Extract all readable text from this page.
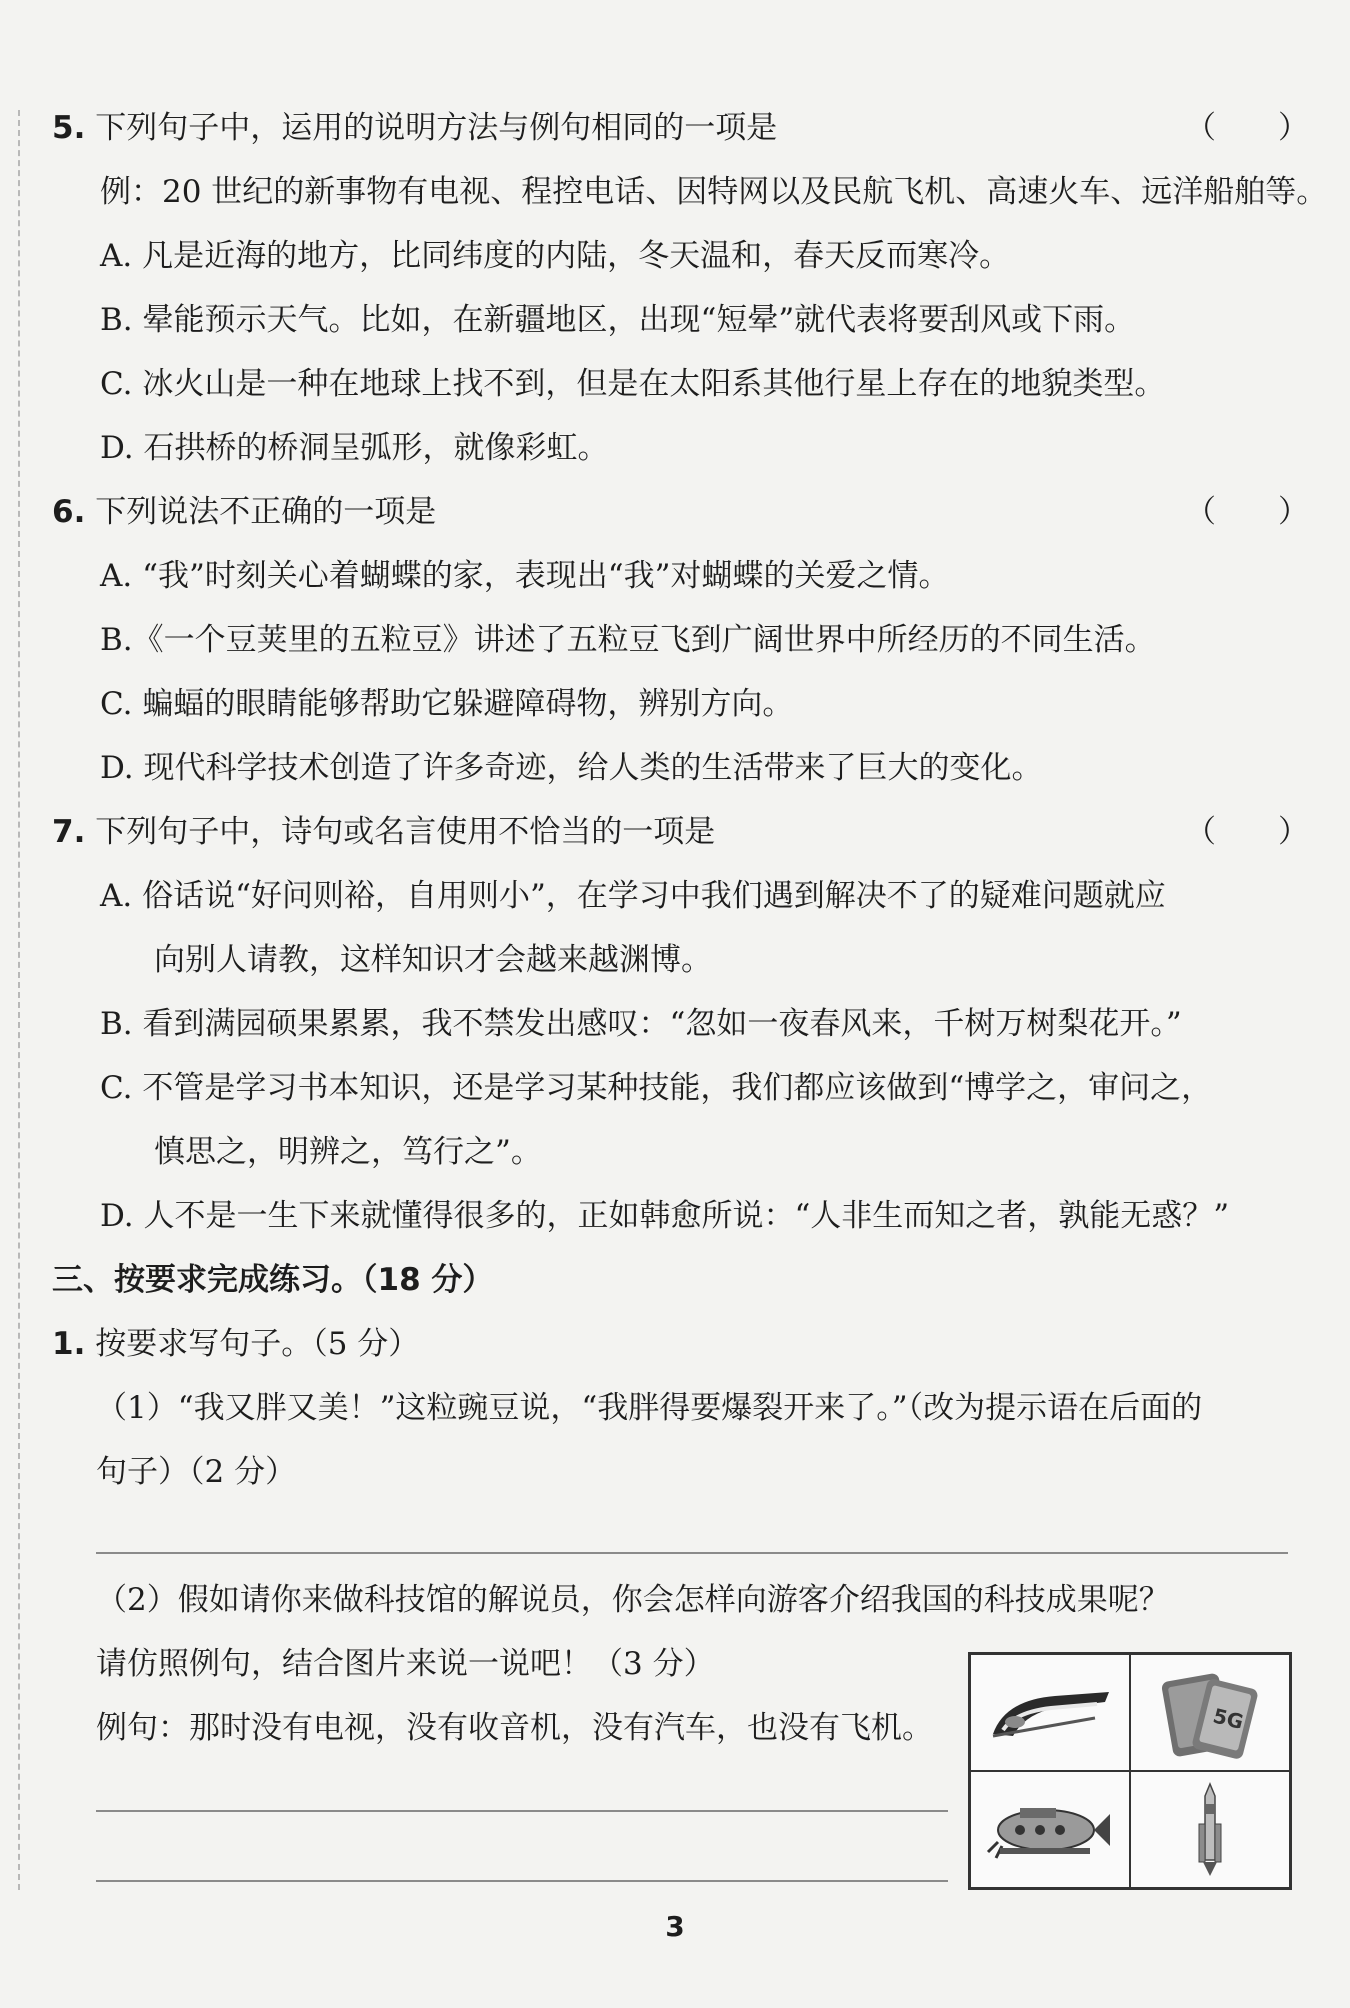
5. 下列句子中，运用的说明方法与例句相同的一项是	（　　）
例：20 世纪的新事物有电视、程控电话、因特网以及民航飞机、高速火车、远洋船舶等。
A. 凡是近海的地方，比同纬度的内陆，冬天温和，春天反而寒冷。
B. 晕能预示天气。比如，在新疆地区，出现“短晕”就代表将要刮风或下雨。
C. 冰火山是一种在地球上找不到，但是在太阳系其他行星上存在的地貌类型。
D. 石拱桥的桥洞呈弧形，就像彩虹。
6. 下列说法不正确的一项是	（　　）
A. “我”时刻关心着蝴蝶的家，表现出“我”对蝴蝶的关爱之情。
B.《一个豆荚里的五粒豆》讲述了五粒豆飞到广阔世界中所经历的不同生活。
C. 蝙蝠的眼睛能够帮助它躲避障碍物，辨别方向。
D. 现代科学技术创造了许多奇迹，给人类的生活带来了巨大的变化。
7. 下列句子中，诗句或名言使用不恰当的一项是	（　　）
A. 俗话说“好问则裕，自用则小”，在学习中我们遇到解决不了的疑难问题就应
向别人请教，这样知识才会越来越渊博。
B. 看到满园硕果累累，我不禁发出感叹：“忽如一夜春风来，千树万树梨花开。”
C. 不管是学习书本知识，还是学习某种技能，我们都应该做到“博学之，审问之，
慎思之，明辨之，笃行之”。
D. 人不是一生下来就懂得很多的，正如韩愈所说：“人非生而知之者，孰能无惑？”
三、按要求完成练习。（18 分）
1. 按要求写句子。（5 分）
（1）“我又胖又美！”这粒豌豆说，“我胖得要爆裂开来了。”（改为提示语在后面的
句子）（2 分）
（2）假如请你来做科技馆的解说员，你会怎样向游客介绍我国的科技成果呢？
请仿照例句，结合图片来说一说吧！（3 分）
例句：那时没有电视，没有收音机，没有汽车，也没有飞机。	5G
3
